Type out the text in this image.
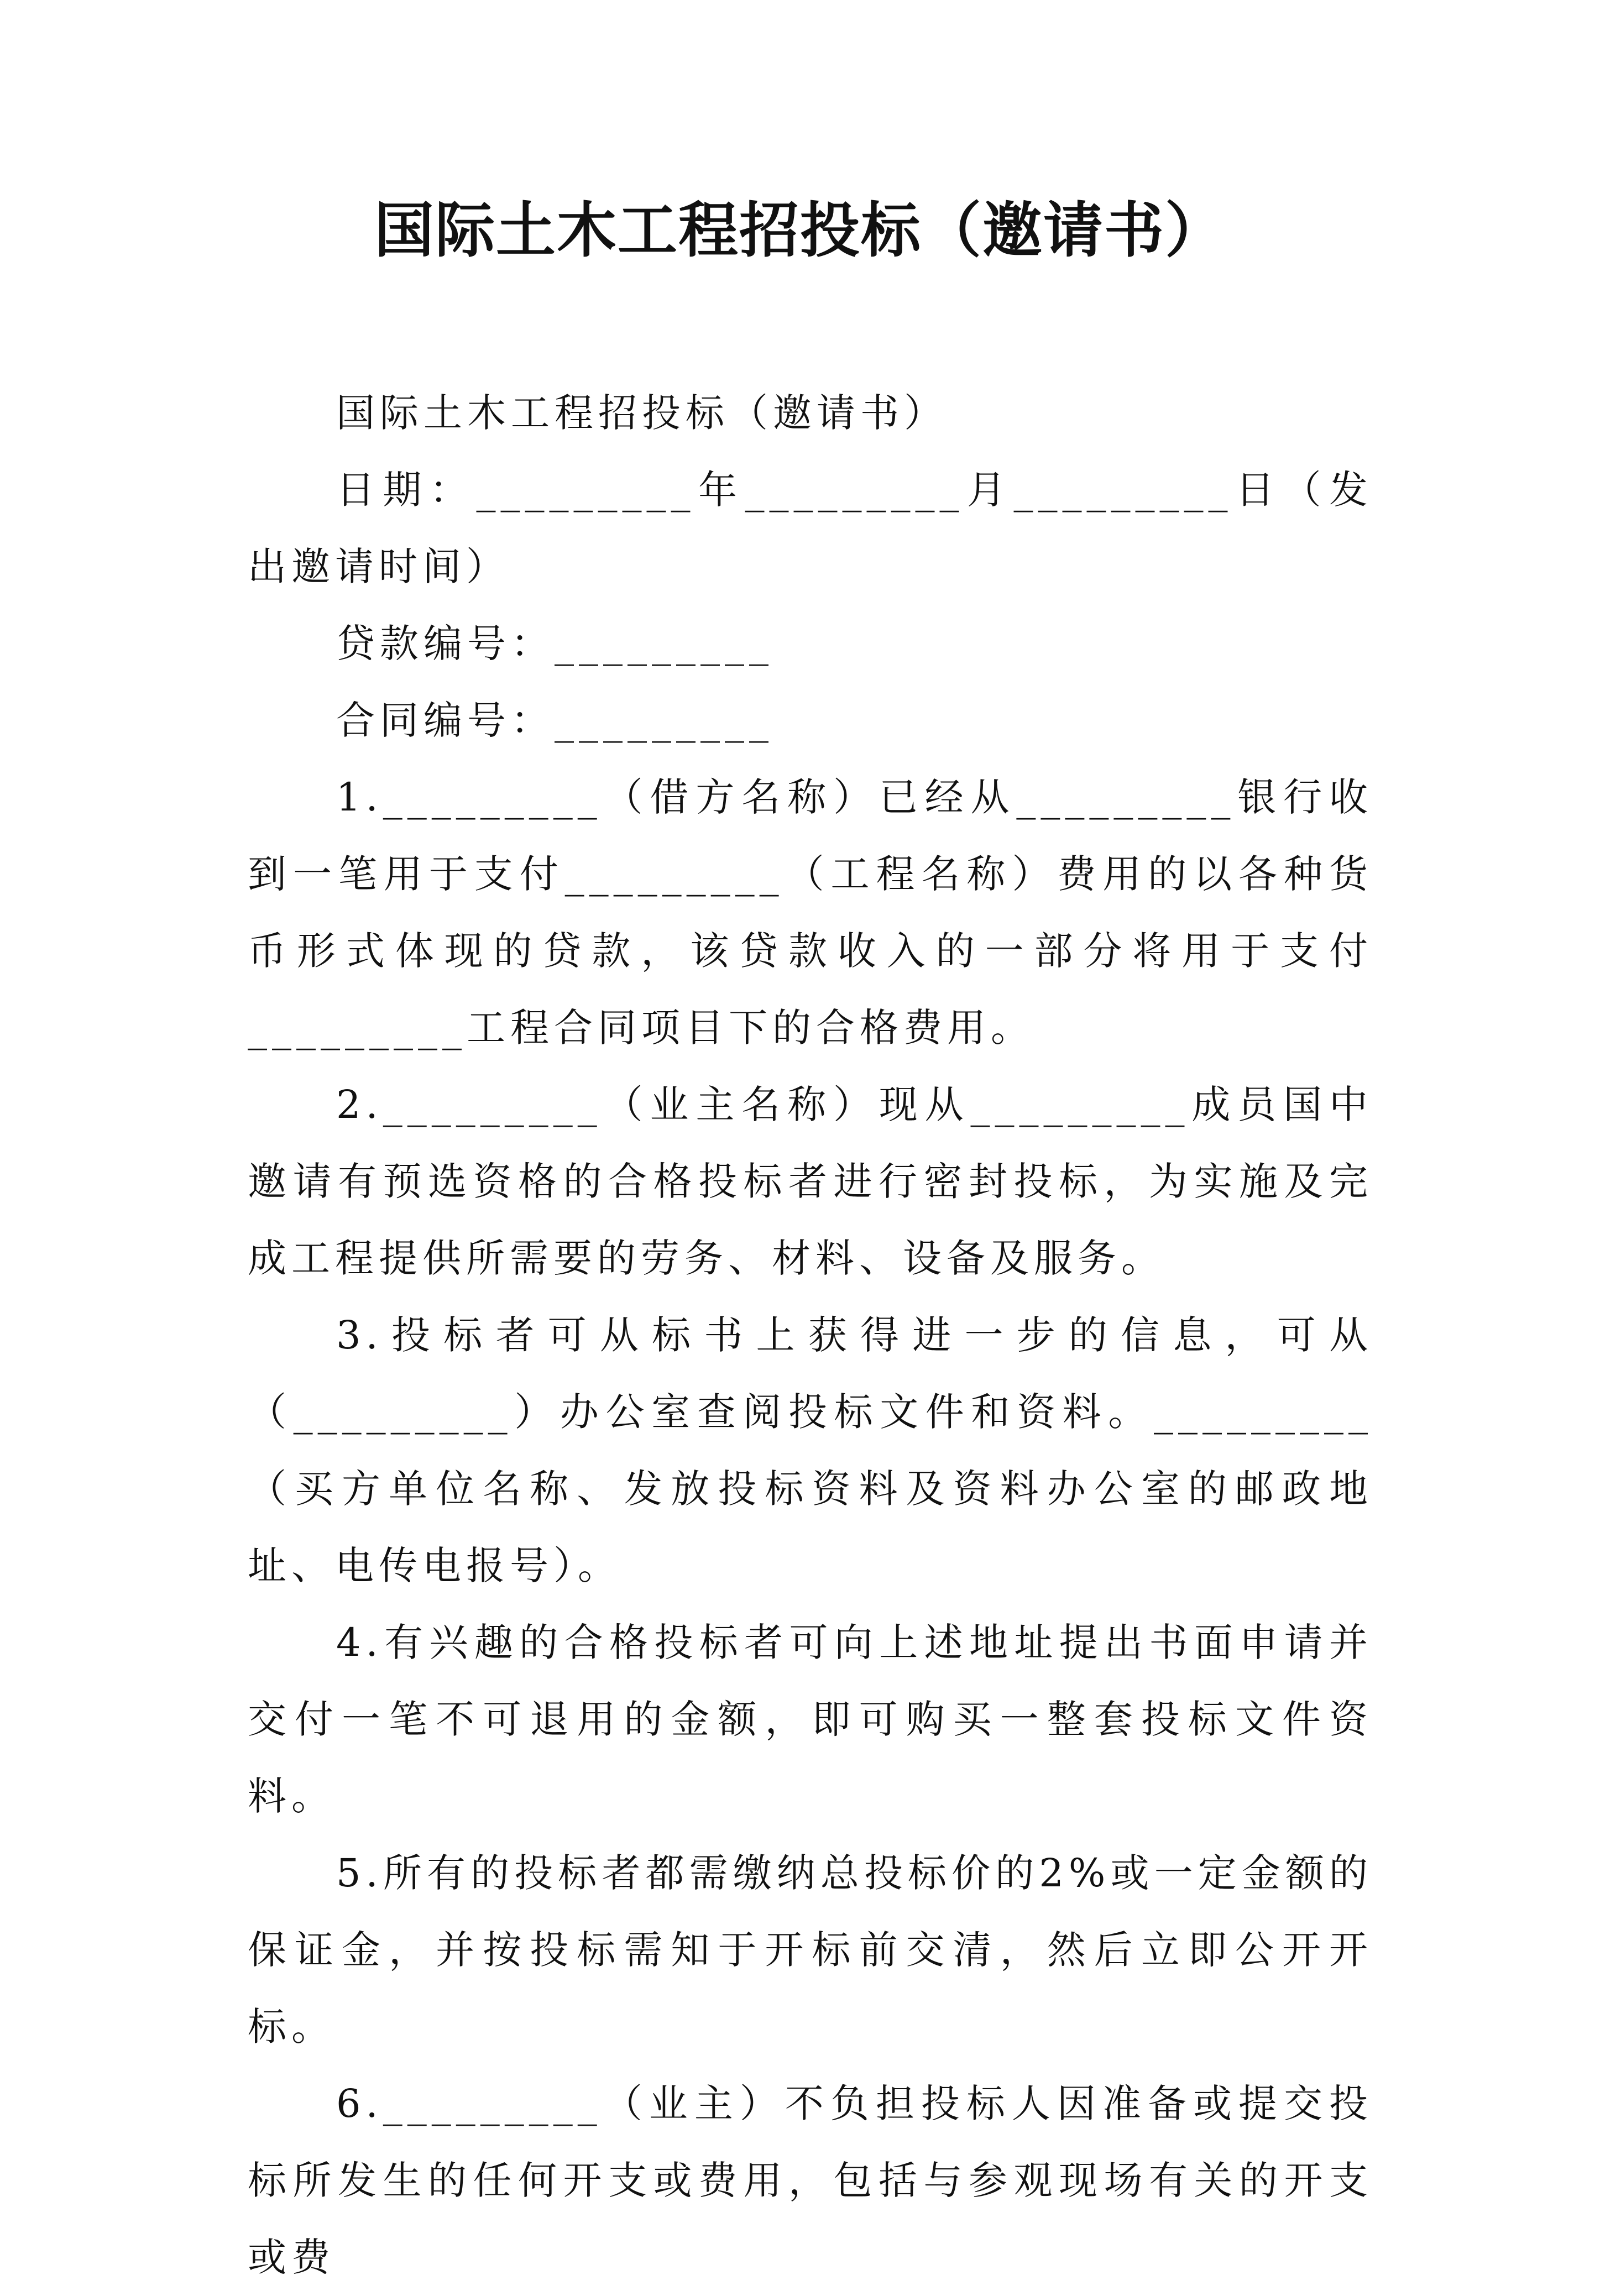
国际土木工程招投标（邀请书）

国际土木工程招投标（邀请书）

日期：_________年_________月_________日（发出邀请时间）

贷款编号：_________

合同编号：_________

1._________（借方名称）已经从_________银行收到一笔用于支付_________（工程名称）费用的以各种货币形式体现的贷款，该贷款收入的一部分将用于支付_________工程合同项目下的合格费用。

2._________（业主名称）现从_________成员国中邀请有预选资格的合格投标者进行密封投标，为实施及完成工程提供所需要的劳务、材料、设备及服务。

3.投标者可从标书上获得进一步的信息，可从（_________）办公室查阅投标文件和资料。_________（买方单位名称、发放投标资料及资料办公室的邮政地址、电传电报号）。

4.有兴趣的合格投标者可向上述地址提出书面申请并交付一笔不可退用的金额，即可购买一整套投标文件资料。

5.所有的投标者都需缴纳总投标价的2%或一定金额的保证金，并按投标需知于开标前交清，然后立即公开开标。

6._________（业主）不负担投标人因准备或提交投标所发生的任何开支或费用，包括与参观现场有关的开支或费
